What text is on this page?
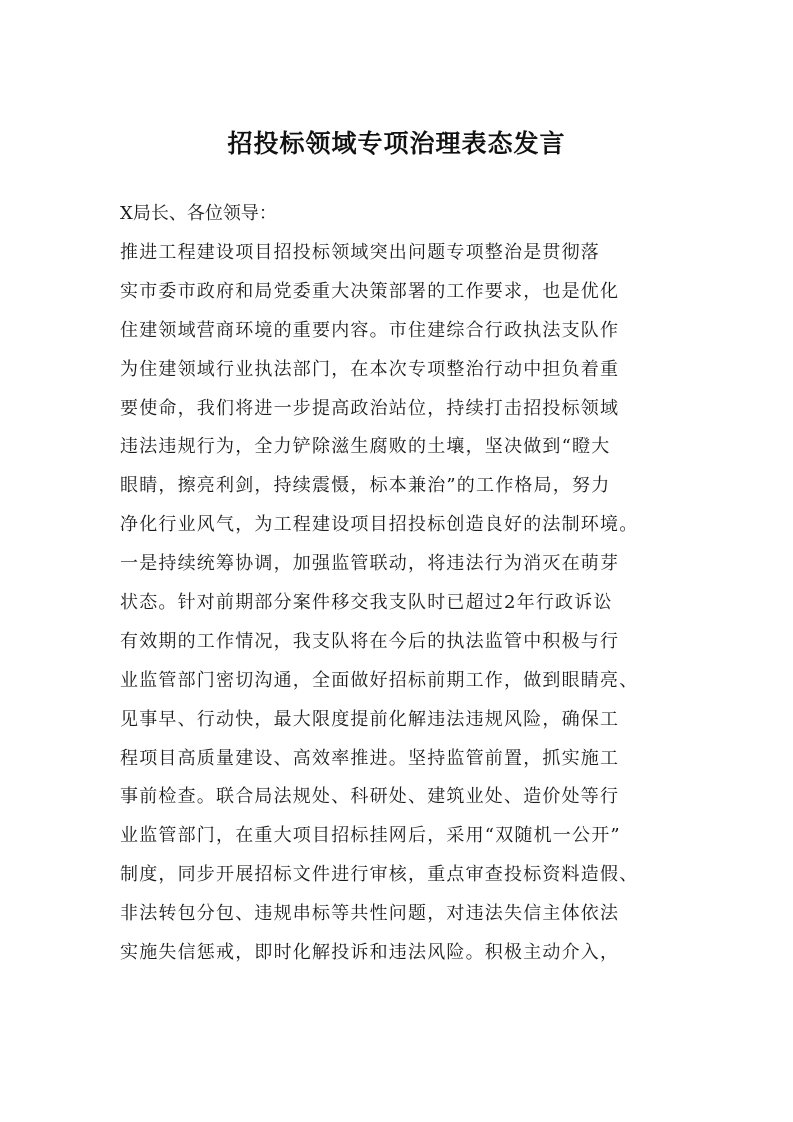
招投标领域专项治理表态发言
X局长、各位领导：
推进工程建设项目招投标领域突出问题专项整治是贯彻落
实市委市政府和局党委重大决策部署的工作要求，也是优化
住建领域营商环境的重要内容。市住建综合行政执法支队作
为住建领域行业执法部门，在本次专项整治行动中担负着重
要使命，我们将进一步提高政治站位，持续打击招投标领域
违法违规行为，全力铲除滋生腐败的土壤，坚决做到“瞪大
眼睛，擦亮利剑，持续震慑，标本兼治”的工作格局，努力
净化行业风气，为工程建设项目招投标创造良好的法制环境。
一是持续统筹协调，加强监管联动，将违法行为消灭在萌芽
状态。针对前期部分案件移交我支队时已超过2年行政诉讼
有效期的工作情况，我支队将在今后的执法监管中积极与行
业监管部门密切沟通，全面做好招标前期工作，做到眼睛亮、
见事早、行动快，最大限度提前化解违法违规风险，确保工
程项目高质量建设、高效率推进。坚持监管前置，抓实施工
事前检查。联合局法规处、科研处、建筑业处、造价处等行
业监管部门，在重大项目招标挂网后，采用“双随机一公开”
制度，同步开展招标文件进行审核，重点审查投标资料造假、
非法转包分包、违规串标等共性问题，对违法失信主体依法
实施失信惩戒，即时化解投诉和违法风险。积极主动介入，
